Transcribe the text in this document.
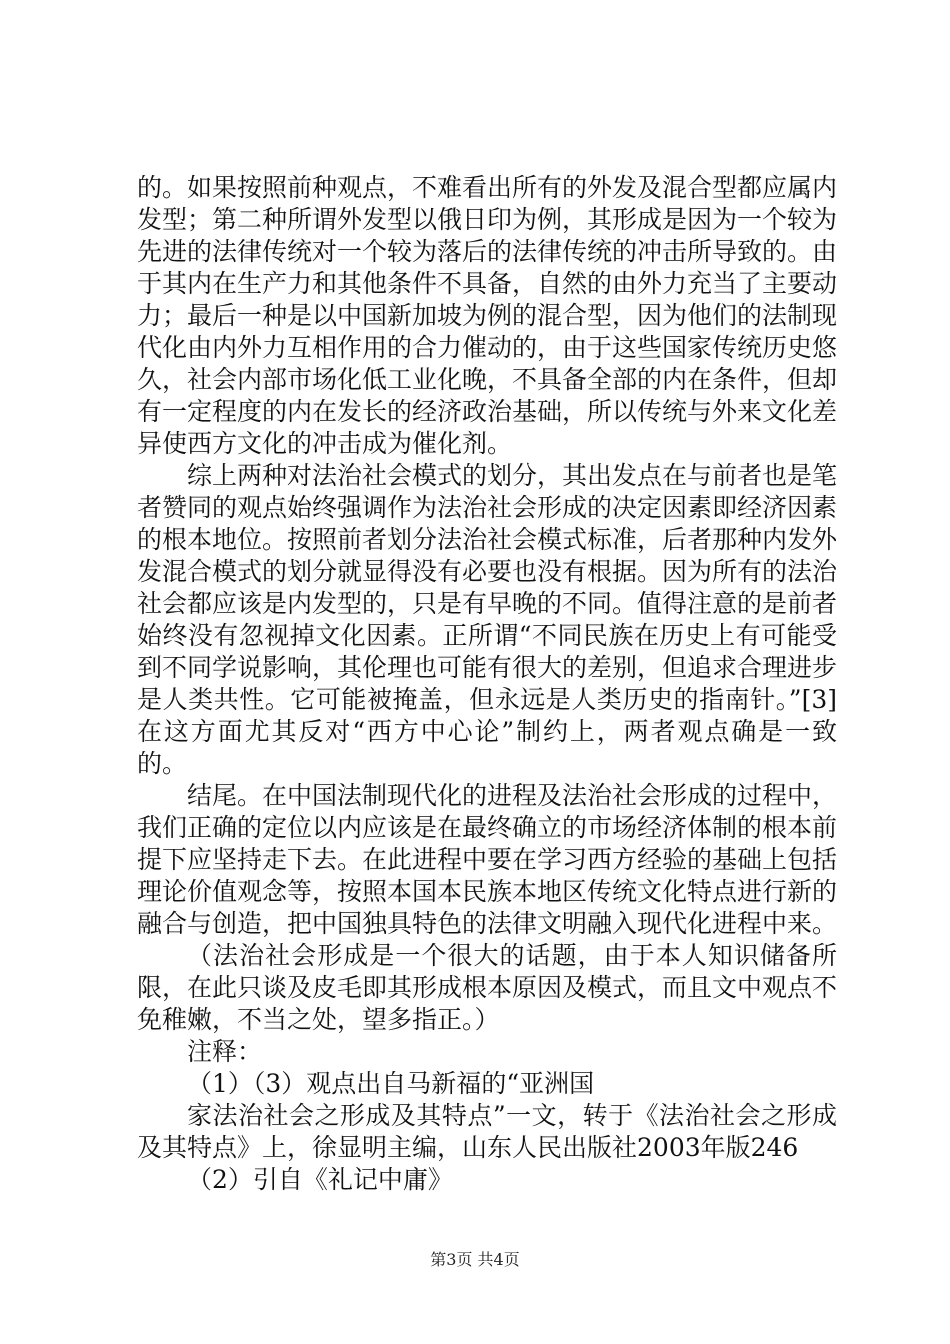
的。如果按照前种观点，不难看出所有的外发及混合型都应属内发型；第二种所谓外发型以俄日印为例，其形成是因为一个较为先进的法律传统对一个较为落后的法律传统的冲击所导致的。由于其内在生产力和其他条件不具备，自然的由外力充当了主要动力；最后一种是以中国新加坡为例的混合型，因为他们的法制现代化由内外力互相作用的合力催动的，由于这些国家传统历史悠久，社会内部市场化低工业化晚，不具备全部的内在条件，但却有一定程度的内在发长的经济政治基础，所以传统与外来文化差异使西方文化的冲击成为催化剂。

综上两种对法治社会模式的划分，其出发点在与前者也是笔者赞同的观点始终强调作为法治社会形成的决定因素即经济因素的根本地位。按照前者划分法治社会模式标准，后者那种内发外发混合模式的划分就显得没有必要也没有根据。因为所有的法治社会都应该是内发型的，只是有早晚的不同。值得注意的是前者始终没有忽视掉文化因素。正所谓“不同民族在历史上有可能受到不同学说影响，其伦理也可能有很大的差别，但追求合理进步是人类共性。它可能被掩盖，但永远是人类历史的指南针。”[3]在这方面尤其反对“西方中心论”制约上，两者观点确是一致的。

结尾。在中国法制现代化的进程及法治社会形成的过程中，我们正确的定位以内应该是在最终确立的市场经济体制的根本前提下应坚持走下去。在此进程中要在学习西方经验的基础上包括理论价值观念等，按照本国本民族本地区传统文化特点进行新的融合与创造，把中国独具特色的法律文明融入现代化进程中来。

（法治社会形成是一个很大的话题，由于本人知识储备所限，在此只谈及皮毛即其形成根本原因及模式，而且文中观点不免稚嫩，不当之处，望多指正。）

注释：

（1）（3）观点出自马新福的“亚洲国

家法治社会之形成及其特点”一文，转于《法治社会之形成及其特点》上，徐显明主编，山东人民出版社2003年版246

（2）引自《礼记中庸》

第3页 共4页
